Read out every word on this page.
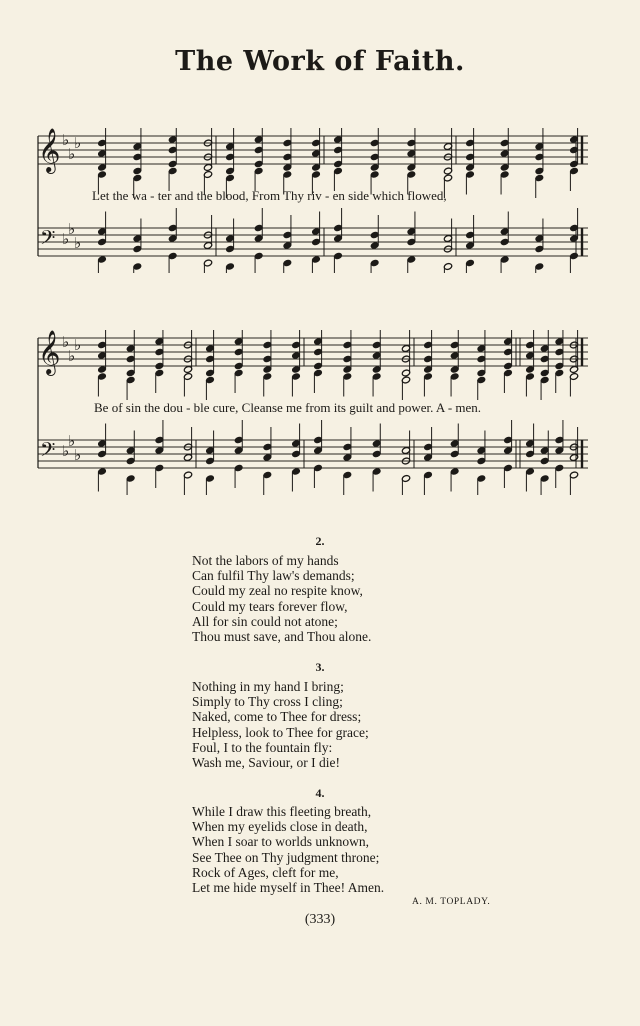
The Work of Faith.
𝄞 ♭
♭
♭
𝄢 ♭
♭
♭
Let the wa - ter and the blood, From Thy riv - en side which flowed,
𝄞 ♭
♭
♭
𝄢 ♭
♭
♭
Be of sin the dou - ble cure, Cleanse me from its guilt and power. A - men.
2.
Not the labors of my hands
Can fulfil Thy law's demands;
Could my zeal no respite know,
Could my tears forever flow,
All for sin could not atone;
Thou must save, and Thou alone.
3.
Nothing in my hand I bring;
Simply to Thy cross I cling;
Naked, come to Thee for dress;
Helpless, look to Thee for grace;
Foul, I to the fountain fly:
Wash me, Saviour, or I die!
4.
While I draw this fleeting breath,
When my eyelids close in death,
When I soar to worlds unknown,
See Thee on Thy judgment throne;
Rock of Ages, cleft for me,
Let me hide myself in Thee! Amen.
A. M. TOPLADY.
(333)
